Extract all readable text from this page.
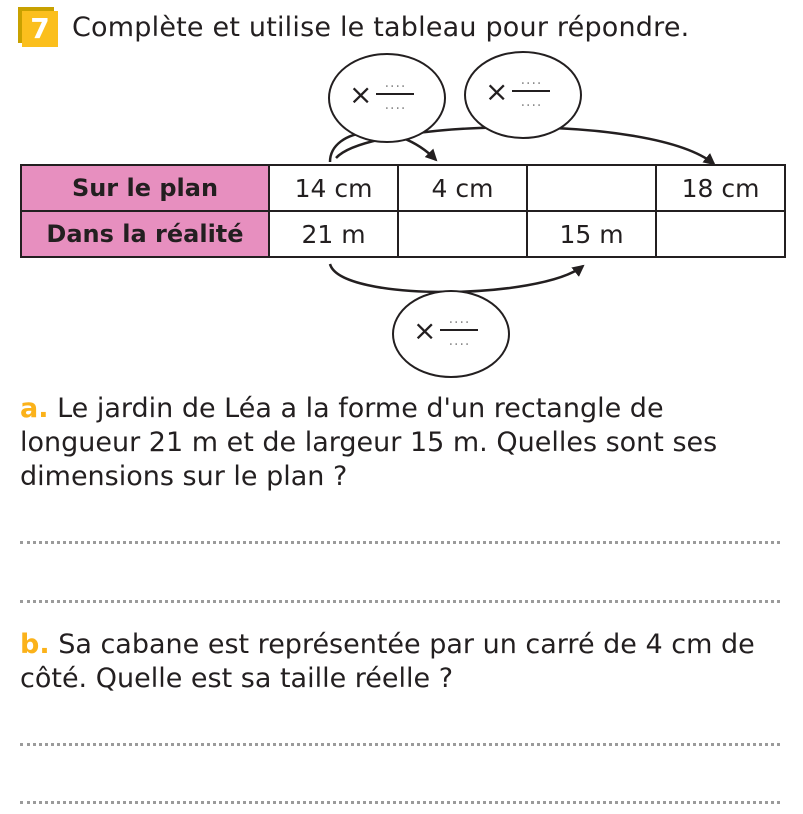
7 Complète et utilise le tableau pour répondre.
× $\frac{....}{....}$	× $\frac{....}{....}$
× $\frac{....}{....}$
Sur le plan	14 cm	4 cm		18 cm
Dans la réalité	21 m		15 m	
a. Le jardin de Léa a la forme d'un rectangle de longueur 21 m et de largeur 15 m. Quelles sont ses dimensions sur le plan ?
b. Sa cabane est représentée par un carré de 4 cm de côté. Quelle est sa taille réelle ?
